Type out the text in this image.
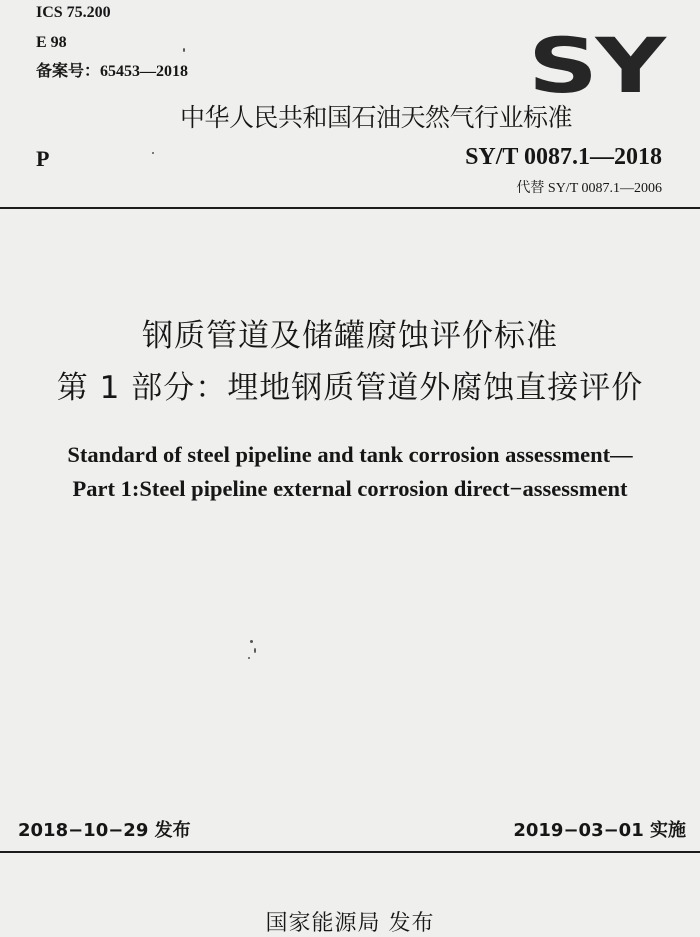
ICS 75.200
E 98
备案号：65453—2018	SY
中华人民共和国石油天然气行业标准
P	SY/T 0087.1—2018
代替 SY/T 0087.1—2006
钢质管道及储罐腐蚀评价标准
第 1 部分：埋地钢质管道外腐蚀直接评价
Standard of steel pipeline and tank corrosion assessment—
Part 1:Steel pipeline external corrosion direct−assessment
2018−10−29 发布	2019−03−01 实施
国家能源局 发布
